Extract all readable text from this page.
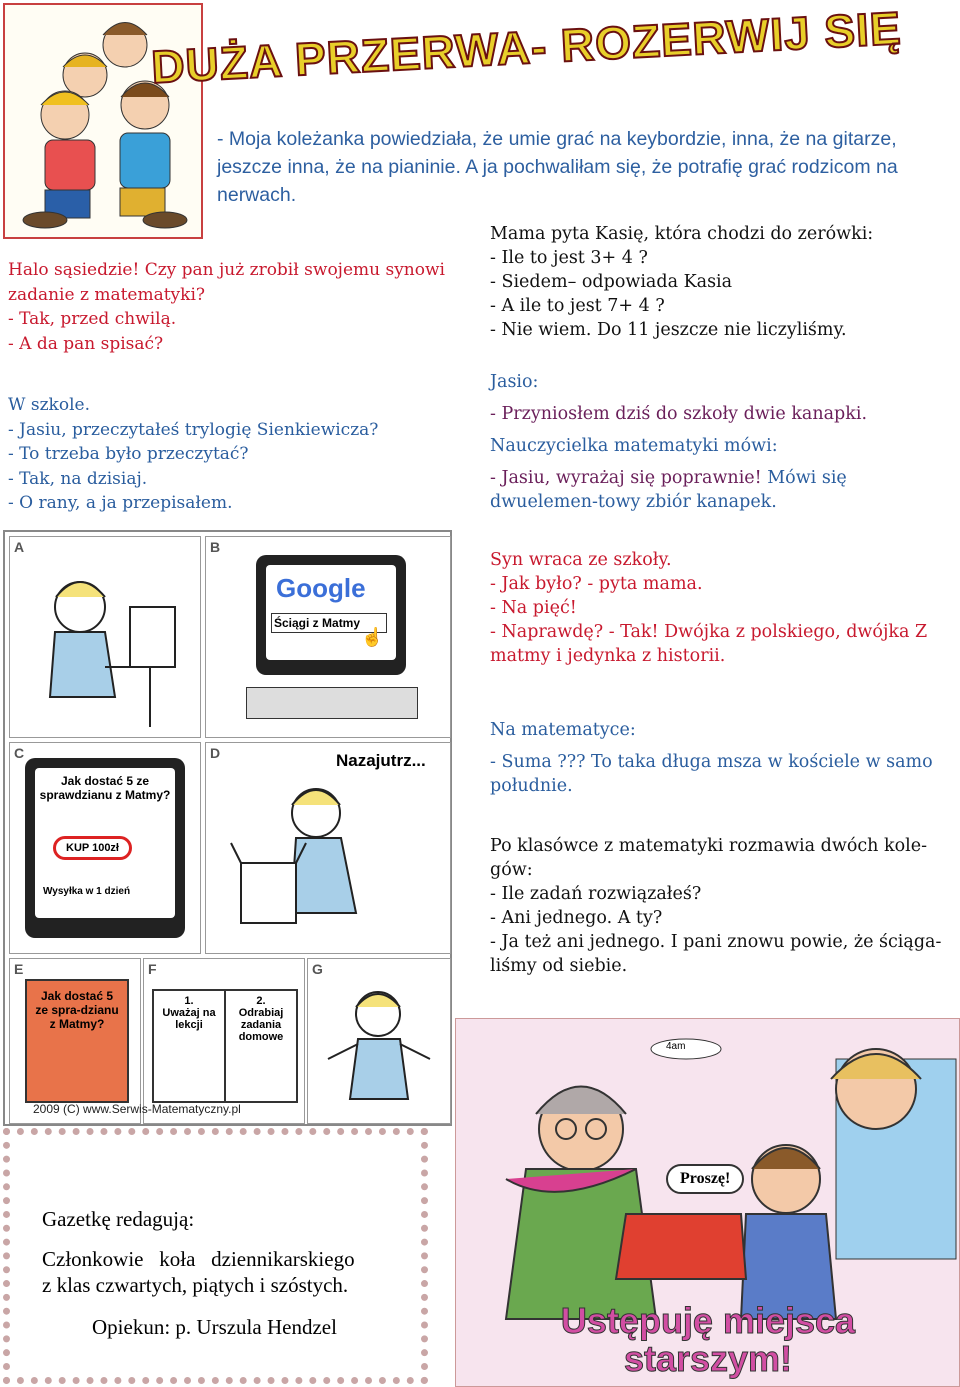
DUŻA PRZERWA- ROZERWIJ SIĘ
- Moja koleżanka powiedziała, że umie grać na keybordzie, inna, że na gitarze, jeszcze inna, że na pianinie. A ja pochwaliłam się, że potrafię grać rodzicom na nerwach.

Halo sąsiedzie! Czy pan już zrobił swojemu synowi zadanie z matematyki?

- Tak, przed chwilą.

- A da pan spisać?

W szkole.

- Jasiu, przeczytałeś trylogię Sienkiewicza?

- To trzeba było przeczytać?

- Tak, na dzisiaj.

- O rany, a ja przepisałem.

Mama pyta Kasię, która chodzi do zerówki:

- Ile to jest 3+ 4 ?

- Siedem– odpowiada Kasia

- A ile to jest 7+ 4 ?

- Nie wiem. Do 11 jeszcze nie liczyliśmy.

Jasio:

- Przyniosłem dziś do szkoły dwie kanapki.

Nauczycielka matematyki mówi:

- Jasiu, wyrażaj się poprawnie! Mówi się dwuelemen-towy zbiór kanapek.

Syn wraca ze szkoły.

- Jak było? - pyta mama.

- Na pięć!

- Naprawdę? - Tak! Dwójka z polskiego, dwójka Z matmy i jedynka z historii.

Na matematyce:

- Suma ??? To taka długa msza w kościele w samo południe.

Po klasówce z matematyki rozmawia dwóch kole-gów:

- Ile zadań rozwiązałeś?

- Ani jednego. A ty?

- Ja też ani jednego. I pani znowu powie, że ściąga-liśmy od siebie.

A	B
Google
Ściągi z Matmy
☝
C
Jak dostać 5 ze sprawdzianu z Matmy?
KUP 100zł
Wysyłka w 1 dzień
D	Nazajutrz...
E
Jak dostać 5 ze spra-dzianu z Matmy?
F
1.
Uważaj na lekcji
2.
Odrabiaj zadania domowe
G
2009 (C) www.Serwis-Matematyczny.pl
Gazetkę redagują:
Członkowie   koła   dziennikarskiego
z klas czwartych, piątych i szóstych.
Opiekun: p. Urszula Hendzel
4am
Proszę!
Ustępuję miejsca starszym!
